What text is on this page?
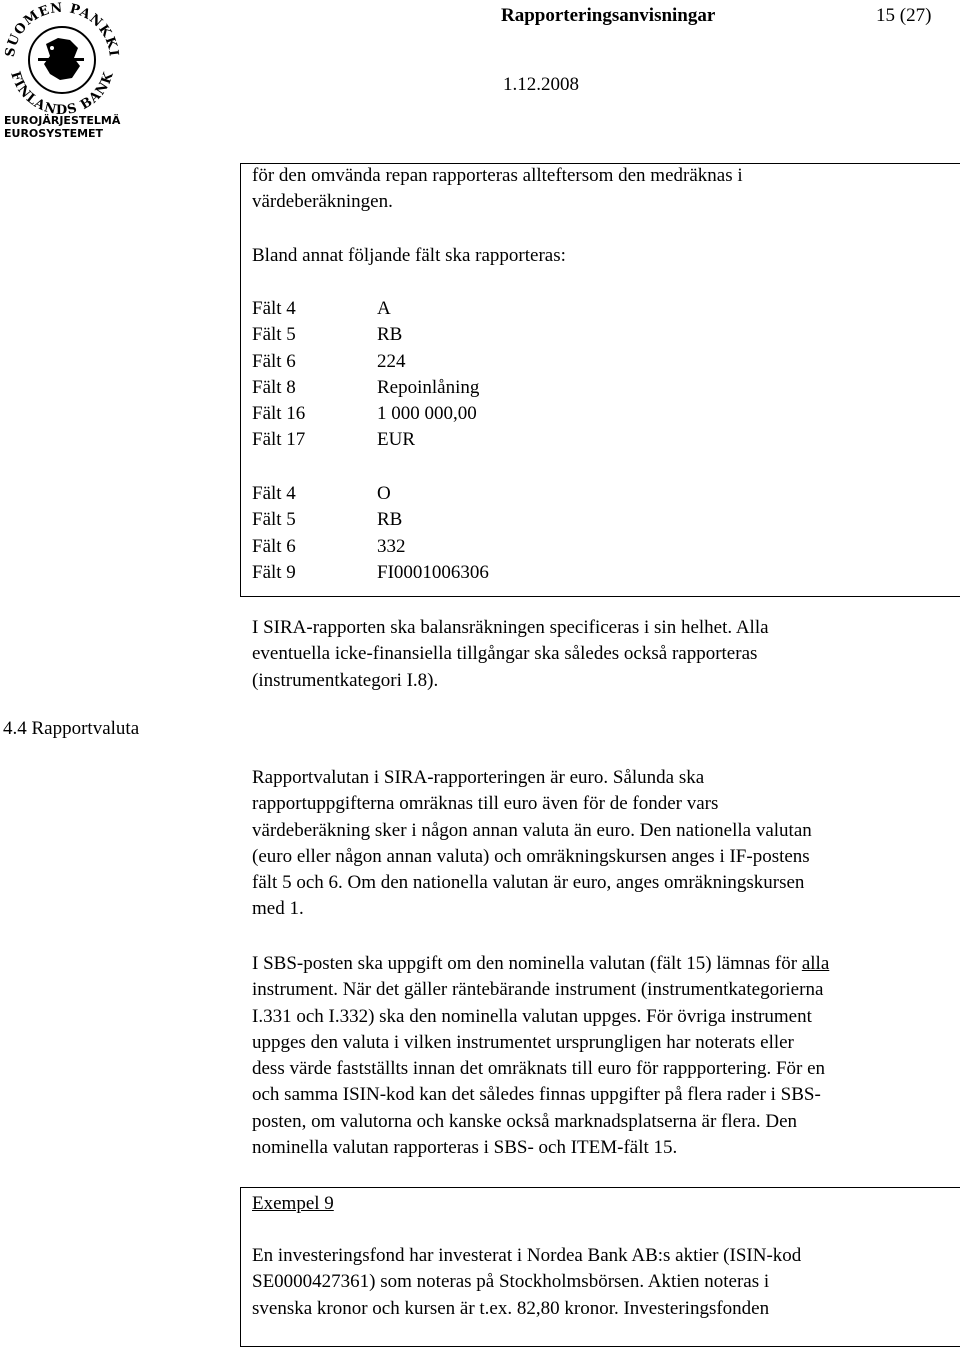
SUOMEN PANKKI
FINLANDS BANK
EUROJÄRJESTELMÄ
EUROSYSTEMET
Rapporteringsanvisningar	15 (27)
1.12.2008
för den omvända repan rapporteras allteftersom den medräknas i
värdeberäkningen.
Bland annat följande fält ska rapporteras:
Fält 4
Fält 5
Fält 6
Fält 8
Fält 16
Fält 17
A
RB
224
Repoinlåning
1 000 000,00
EUR
Fält 4
Fält 5
Fält 6
Fält 9
O
RB
332
FI0001006306
I SIRA-rapporten ska balansräkningen specificeras i sin helhet. Alla
eventuella icke-finansiella tillgångar ska således också rapporteras
(instrumentkategori I.8).
4.4 Rapportvaluta
Rapportvalutan i SIRA-rapporteringen är euro. Sålunda ska
rapportuppgifterna omräknas till euro även för de fonder vars
värdeberäkning sker i någon annan valuta än euro. Den nationella valutan
(euro eller någon annan valuta) och omräkningskursen anges i IF-postens
fält 5 och 6. Om den nationella valutan är euro, anges omräkningskursen
med 1.
I SBS-posten ska uppgift om den nominella valutan (fält 15) lämnas för alla
instrument. När det gäller räntebärande instrument (instrumentkategorierna
I.331 och I.332) ska den nominella valutan uppges. För övriga instrument
uppges den valuta i vilken instrumentet ursprungligen har noterats eller
dess värde fastställts innan det omräknats till euro för rappportering. För en
och samma ISIN-kod kan det således finnas uppgifter på flera rader i SBS-
posten, om valutorna och kanske också marknadsplatserna är flera. Den
nominella valutan rapporteras i SBS- och ITEM-fält 15.
Exempel 9
En investeringsfond har investerat i Nordea Bank AB:s aktier (ISIN-kod
SE0000427361) som noteras på Stockholmsbörsen. Aktien noteras i
svenska kronor och kursen är t.ex. 82,80 kronor. Investeringsfonden
